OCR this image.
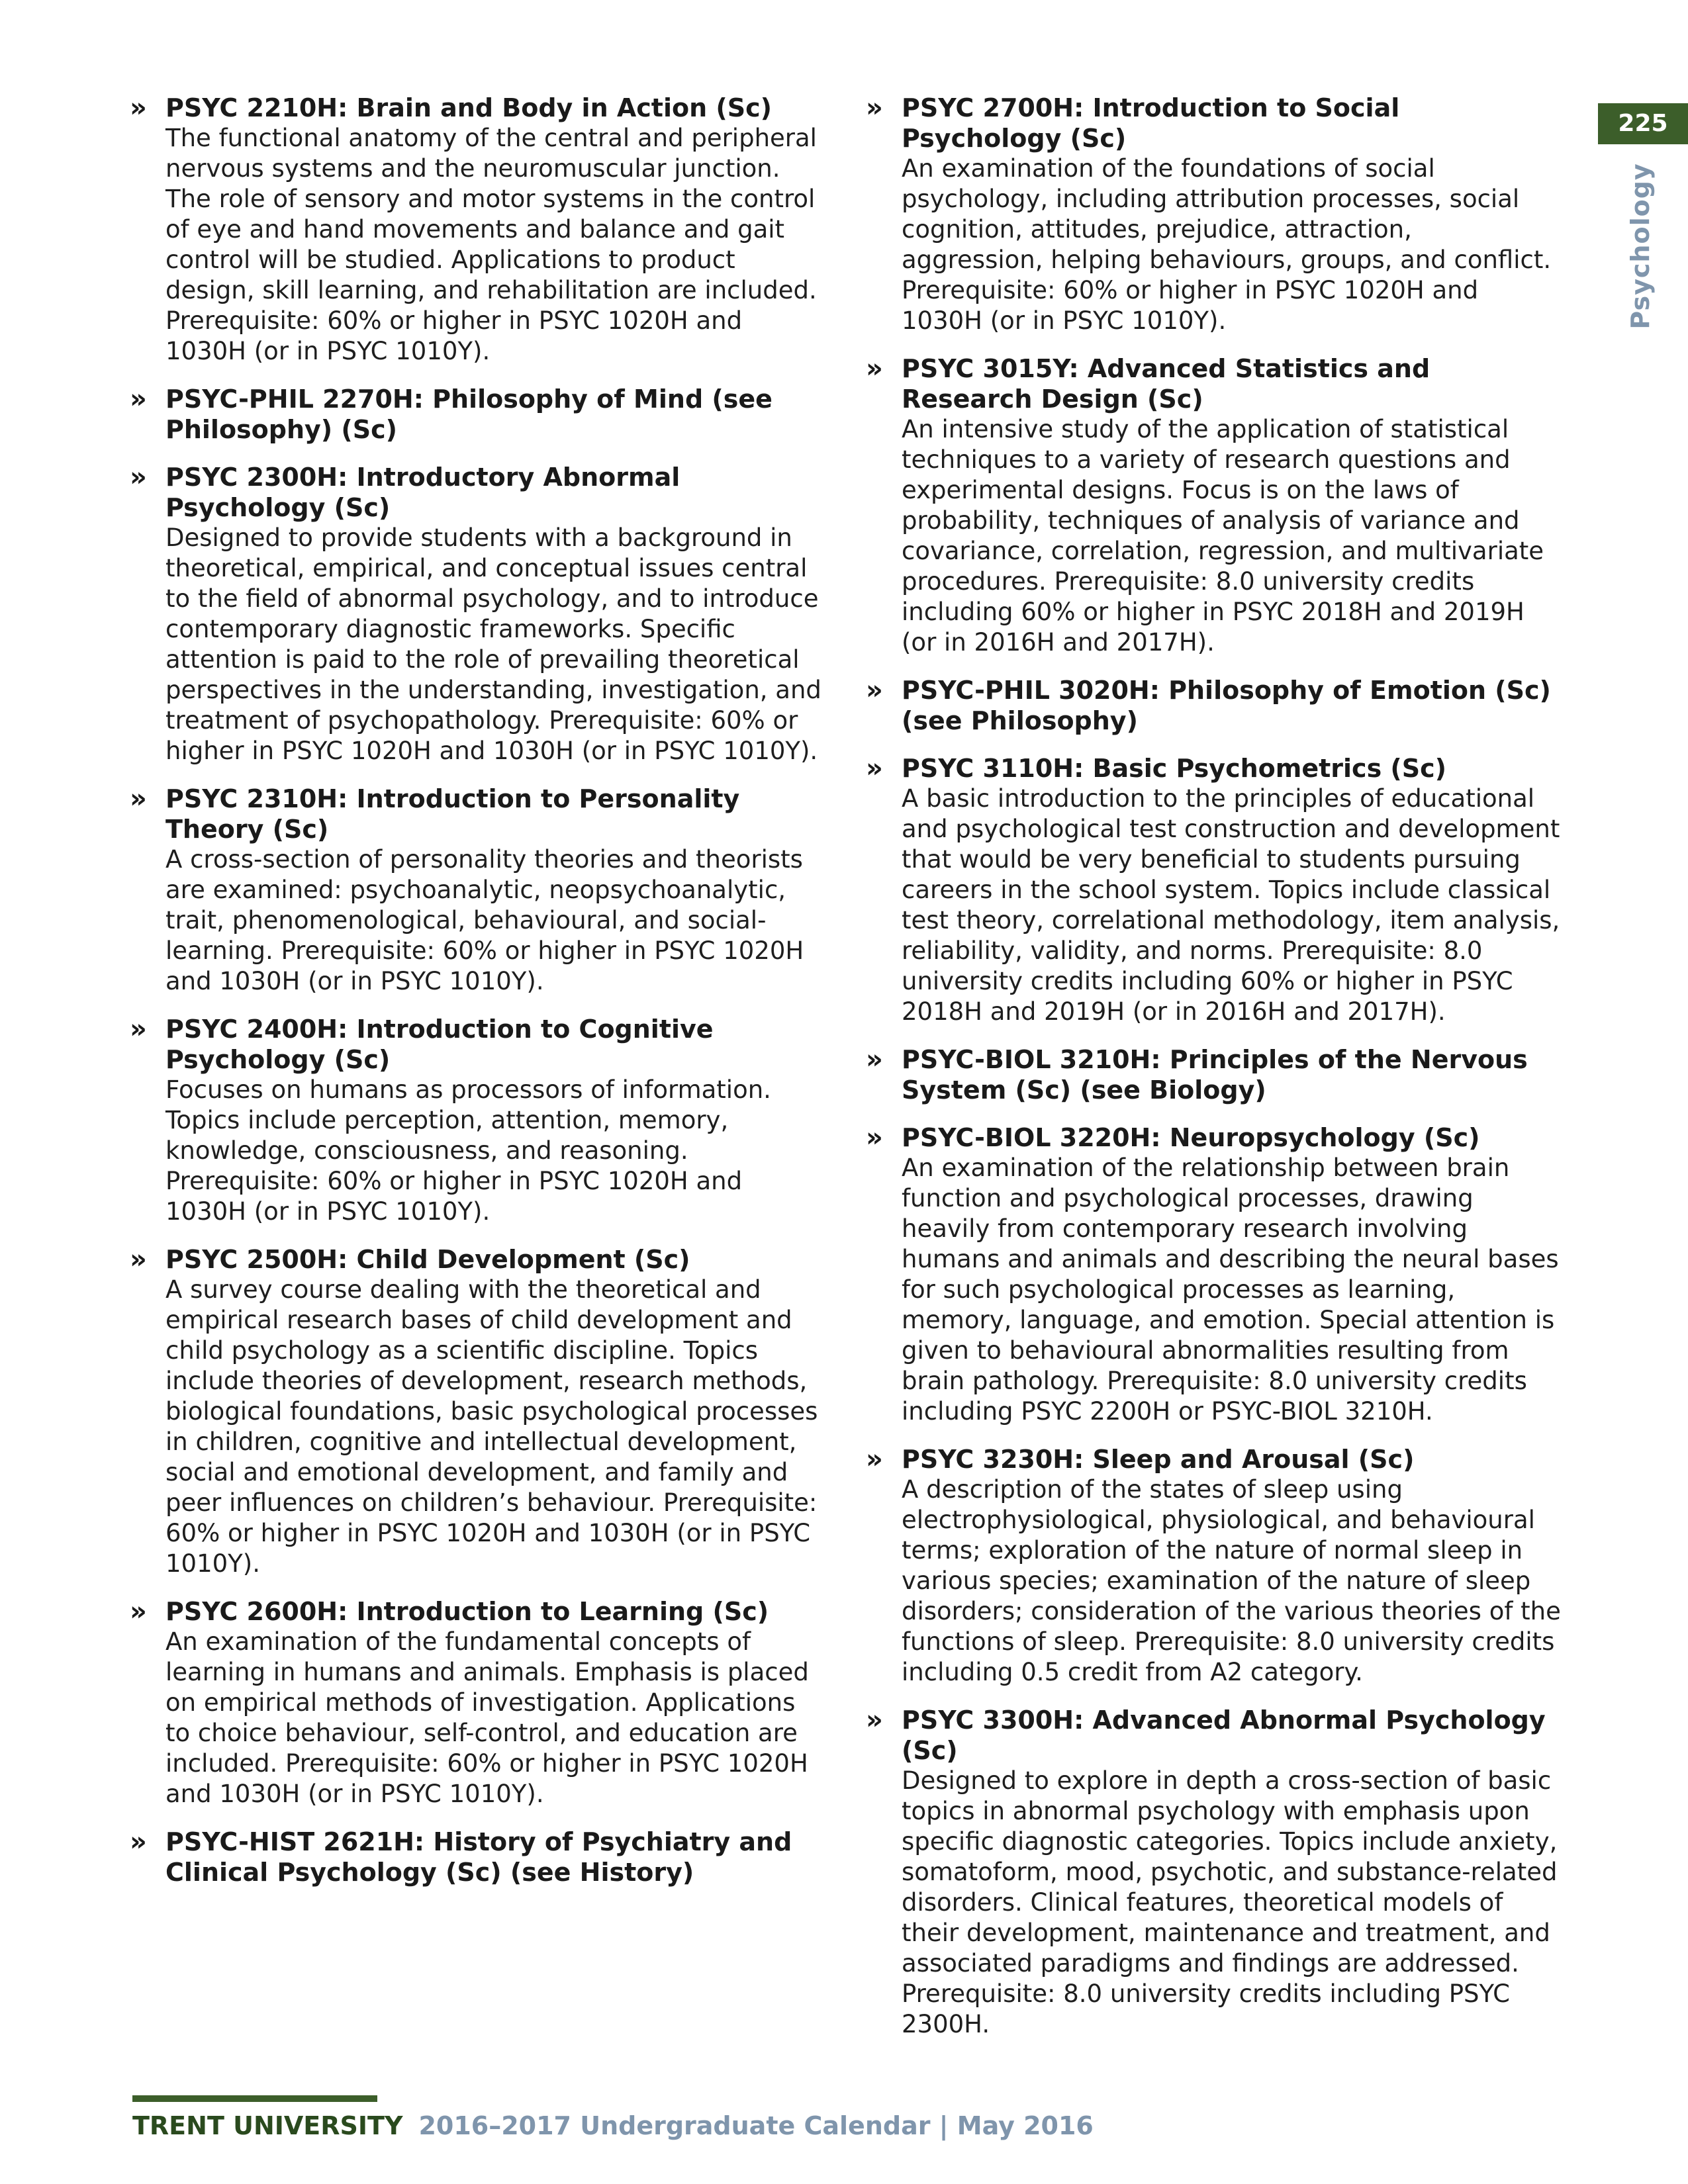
225
Psychology
» PSYC 2210H: Brain and Body in Action (Sc)
The functional anatomy of the central and peripheral nervous systems and the neuromuscular junction. The role of sensory and motor systems in the control of eye and hand movements and balance and gait control will be studied. Applications to product design, skill learning, and rehabilitation are included. Prerequisite: 60% or higher in PSYC 1020H and 1030H (or in PSYC 1010Y).
» PSYC-PHIL 2270H: Philosophy of Mind (see Philosophy) (Sc)
» PSYC 2300H: Introductory Abnormal Psychology (Sc)
Designed to provide students with a background in theoretical, empirical, and conceptual issues central to the field of abnormal psychology, and to introduce contemporary diagnostic frameworks. Specific attention is paid to the role of prevailing theoretical perspectives in the understanding, investigation, and treatment of psychopathology. Prerequisite: 60% or higher in PSYC 1020H and 1030H (or in PSYC 1010Y).
» PSYC 2310H: Introduction to Personality Theory (Sc)
A cross-section of personality theories and theorists are examined: psychoanalytic, neopsychoanalytic, trait, phenomenological, behavioural, and social-learning. Prerequisite: 60% or higher in PSYC 1020H and 1030H (or in PSYC 1010Y).
» PSYC 2400H: Introduction to Cognitive Psychology (Sc)
Focuses on humans as processors of information. Topics include perception, attention, memory, knowledge, consciousness, and reasoning. Prerequisite: 60% or higher in PSYC 1020H and 1030H (or in PSYC 1010Y).
» PSYC 2500H: Child Development (Sc)
A survey course dealing with the theoretical and empirical research bases of child development and child psychology as a scientific discipline. Topics include theories of development, research methods, biological foundations, basic psychological processes in children, cognitive and intellectual development, social and emotional development, and family and peer influences on children’s behaviour. Prerequisite: 60% or higher in PSYC 1020H and 1030H (or in PSYC 1010Y).
» PSYC 2600H: Introduction to Learning (Sc)
An examination of the fundamental concepts of learning in humans and animals. Emphasis is placed on empirical methods of investigation. Applications to choice behaviour, self-control, and education are included. Prerequisite: 60% or higher in PSYC 1020H and 1030H (or in PSYC 1010Y).
» PSYC-HIST 2621H: History of Psychiatry and Clinical Psychology (Sc) (see History)
» PSYC 2700H: Introduction to Social Psychology (Sc)
An examination of the foundations of social psychology, including attribution processes, social cognition, attitudes, prejudice, attraction, aggression, helping behaviours, groups, and conflict. Prerequisite: 60% or higher in PSYC 1020H and 1030H (or in PSYC 1010Y).
» PSYC 3015Y: Advanced Statistics and Research Design (Sc)
An intensive study of the application of statistical techniques to a variety of research questions and experimental designs. Focus is on the laws of probability, techniques of analysis of variance and covariance, correlation, regression, and multivariate procedures. Prerequisite: 8.0 university credits including 60% or higher in PSYC 2018H and 2019H (or in 2016H and 2017H).
» PSYC-PHIL 3020H: Philosophy of Emotion (Sc) (see Philosophy)
» PSYC 3110H: Basic Psychometrics (Sc)
A basic introduction to the principles of educational and psychological test construction and development that would be very beneficial to students pursuing careers in the school system. Topics include classical test theory, correlational methodology, item analysis, reliability, validity, and norms. Prerequisite: 8.0 university credits including 60% or higher in PSYC 2018H and 2019H (or in 2016H and 2017H).
» PSYC-BIOL 3210H: Principles of the Nervous System (Sc) (see Biology)
» PSYC-BIOL 3220H: Neuropsychology (Sc)
An examination of the relationship between brain function and psychological processes, drawing heavily from contemporary research involving humans and animals and describing the neural bases for such psychological processes as learning, memory, language, and emotion. Special attention is given to behavioural abnormalities resulting from brain pathology. Prerequisite: 8.0 university credits including PSYC 2200H or PSYC-BIOL 3210H.
» PSYC 3230H: Sleep and Arousal (Sc)
A description of the states of sleep using electrophysiological, physiological, and behavioural terms; exploration of the nature of normal sleep in various species; examination of the nature of sleep disorders; consideration of the various theories of the functions of sleep. Prerequisite: 8.0 university credits including 0.5 credit from A2 category.
» PSYC 3300H: Advanced Abnormal Psychology (Sc)
Designed to explore in depth a cross-section of basic topics in abnormal psychology with emphasis upon specific diagnostic categories. Topics include anxiety, somatoform, mood, psychotic, and substance-related disorders. Clinical features, theoretical models of their development, maintenance and treatment, and associated paradigms and findings are addressed. Prerequisite: 8.0 university credits including PSYC 2300H.
TRENT UNIVERSITY 2016–2017 Undergraduate Calendar | May 2016
